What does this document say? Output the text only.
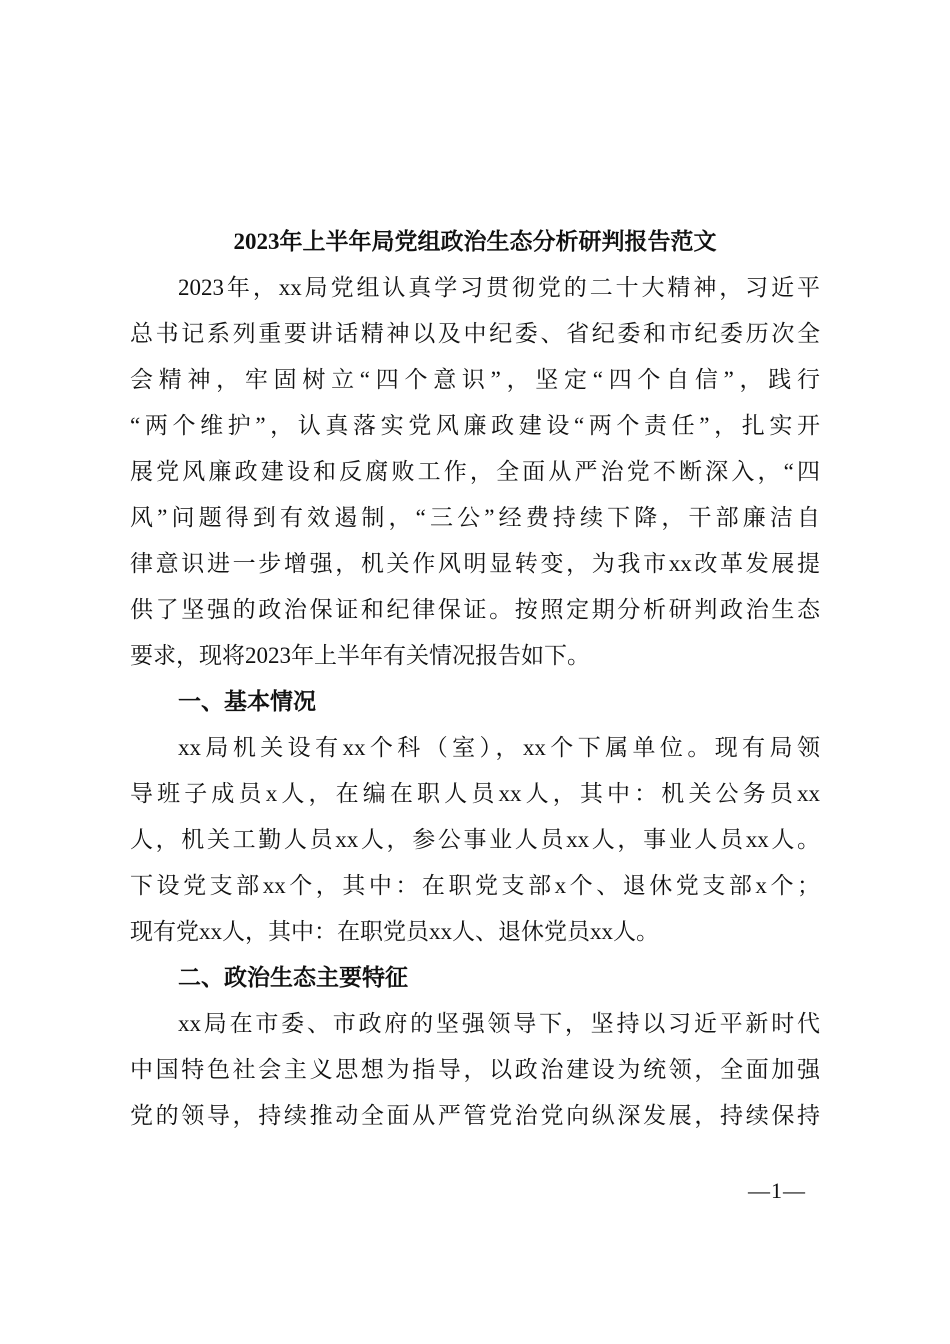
2023年上半年局党组政治生态分析研判报告范文
2023年，xx局党组认真学习贯彻党的二十大精神，习近平
总书记系列重要讲话精神以及中纪委、省纪委和市纪委历次全
会精神，牢固树立“四个意识”，坚定“四个自信”，践行
“两个维护”，认真落实党风廉政建设“两个责任”，扎实开
展党风廉政建设和反腐败工作，全面从严治党不断深入，“四
风”问题得到有效遏制，“三公”经费持续下降，干部廉洁自
律意识进一步增强，机关作风明显转变，为我市xx改革发展提
供了坚强的政治保证和纪律保证。按照定期分析研判政治生态
要求，现将2023年上半年有关情况报告如下。
一、基本情况
xx局机关设有xx个科（室），xx个下属单位。现有局领
导班子成员x人，在编在职人员xx人，其中：机关公务员xx
人，机关工勤人员xx人，参公事业人员xx人，事业人员xx人。
下设党支部xx个，其中：在职党支部x个、退休党支部x个；
现有党xx人，其中：在职党员xx人、退休党员xx人。
二、政治生态主要特征
xx局在市委、市政府的坚强领导下，坚持以习近平新时代
中国特色社会主义思想为指导，以政治建设为统领，全面加强
党的领导，持续推动全面从严管党治党向纵深发展，持续保持
—1—
